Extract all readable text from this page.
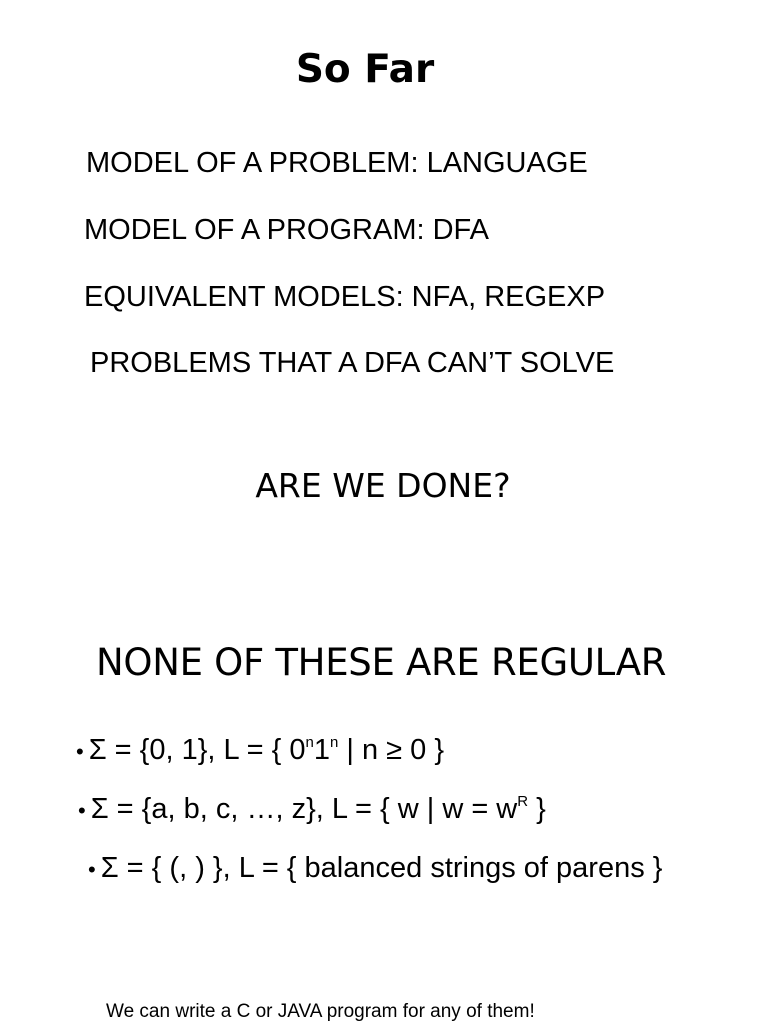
So Far
MODEL OF A PROBLEM: LANGUAGE
MODEL OF A PROGRAM: DFA
EQUIVALENT MODELS: NFA, REGEXP
PROBLEMS THAT A DFA CAN’T SOLVE
ARE WE DONE?
NONE OF THESE ARE REGULAR
• Σ = {0, 1}, L = { 0$^n$1$^n$ | n ≥ 0 }
• Σ = {a, b, c, …, z}, L = { w | $w = w^R$ }
• Σ = { (, ) }, L = { balanced strings of parens }
We can write a C or JAVA program for any of them!
